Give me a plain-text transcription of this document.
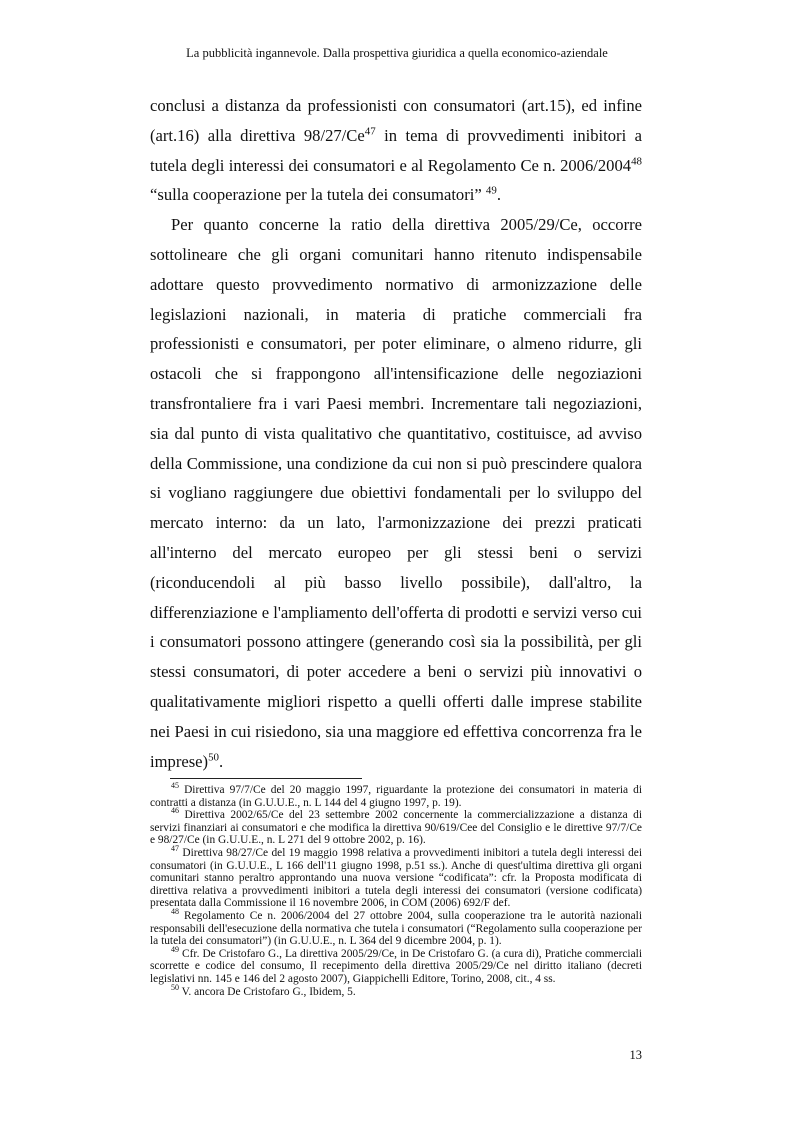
La pubblicità ingannevole. Dalla prospettiva giuridica a quella economico-aziendale

conclusi a distanza da professionisti con consumatori (art.15), ed infine (art.16) alla direttiva 98/27/Ce$^{47}$ in tema di provvedimenti inibitori a tutela degli interessi dei consumatori e al Regolamento Ce n. 2006/2004$^{48}$ “sulla cooperazione per la tutela dei consumatori” $^{49}$.

Per quanto concerne la ratio della direttiva 2005/29/Ce, occorre sottolineare che gli organi comunitari hanno ritenuto indispensabile adottare questo provvedimento normativo di armonizzazione delle legislazioni nazionali, in materia di pratiche commerciali fra professionisti e consumatori, per poter eliminare, o almeno ridurre, gli ostacoli che si frappongono all'intensificazione delle negoziazioni transfrontaliere fra i vari Paesi membri. Incrementare tali negoziazioni, sia dal punto di vista qualitativo che quantitativo, costituisce, ad avviso della Commissione, una condizione da cui non si può prescindere qualora si vogliano raggiungere due obiettivi fondamentali per lo sviluppo del mercato interno: da un lato, l'armonizzazione dei prezzi praticati all'interno del mercato europeo per gli stessi beni o servizi (riconducendoli al più basso livello possibile), dall'altro, la differenziazione e l'ampliamento dell'offerta di prodotti e servizi verso cui i consumatori possono attingere (generando così sia la possibilità, per gli stessi consumatori, di poter accedere a beni o servizi più innovativi o qualitativamente migliori rispetto a quelli offerti dalle imprese stabilite nei Paesi in cui risiedono, sia una maggiore ed effettiva concorrenza fra le imprese)$^{50}$.

$^{45}$ Direttiva 97/7/Ce del 20 maggio 1997, riguardante la protezione dei consumatori in materia di contratti a distanza (in G.U.U.E., n. L 144 del 4 giugno 1997, p. 19).

$^{46}$ Direttiva 2002/65/Ce del 23 settembre 2002 concernente la commercializzazione a distanza di servizi finanziari ai consumatori e che modifica la direttiva 90/619/Cee del Consiglio e le direttive 97/7/Ce e 98/27/Ce (in G.U.U.E., n. L 271 del 9 ottobre 2002, p. 16).

$^{47}$ Direttiva 98/27/Ce del 19 maggio 1998 relativa a provvedimenti inibitori a tutela degli interessi dei consumatori (in G.U.U.E., L 166 dell'11 giugno 1998, p.51 ss.). Anche di quest'ultima direttiva gli organi comunitari stanno peraltro approntando una nuova versione “codificata”: cfr. la Proposta modificata di direttiva relativa a provvedimenti inibitori a tutela degli interessi dei consumatori (versione codificata) presentata dalla Commissione il 16 novembre 2006, in COM (2006) 692/F def.

$^{48}$ Regolamento Ce n. 2006/2004 del 27 ottobre 2004, sulla cooperazione tra le autorità nazionali responsabili dell'esecuzione della normativa che tutela i consumatori (“Regolamento sulla cooperazione per la tutela dei consumatori”) (in G.U.U.E., n. L 364 del 9 dicembre 2004, p. 1).

$^{49}$ Cfr. De Cristofaro G., La direttiva 2005/29/Ce, in De Cristofaro G. (a cura di), Pratiche commerciali scorrette e codice del consumo, Il recepimento della direttiva 2005/29/Ce nel diritto italiano (decreti legislativi nn. 145 e 146 del 2 agosto 2007), Giappichelli Editore, Torino, 2008, cit., 4 ss.

$^{50}$ V. ancora De Cristofaro G., Ibidem, 5.

13
